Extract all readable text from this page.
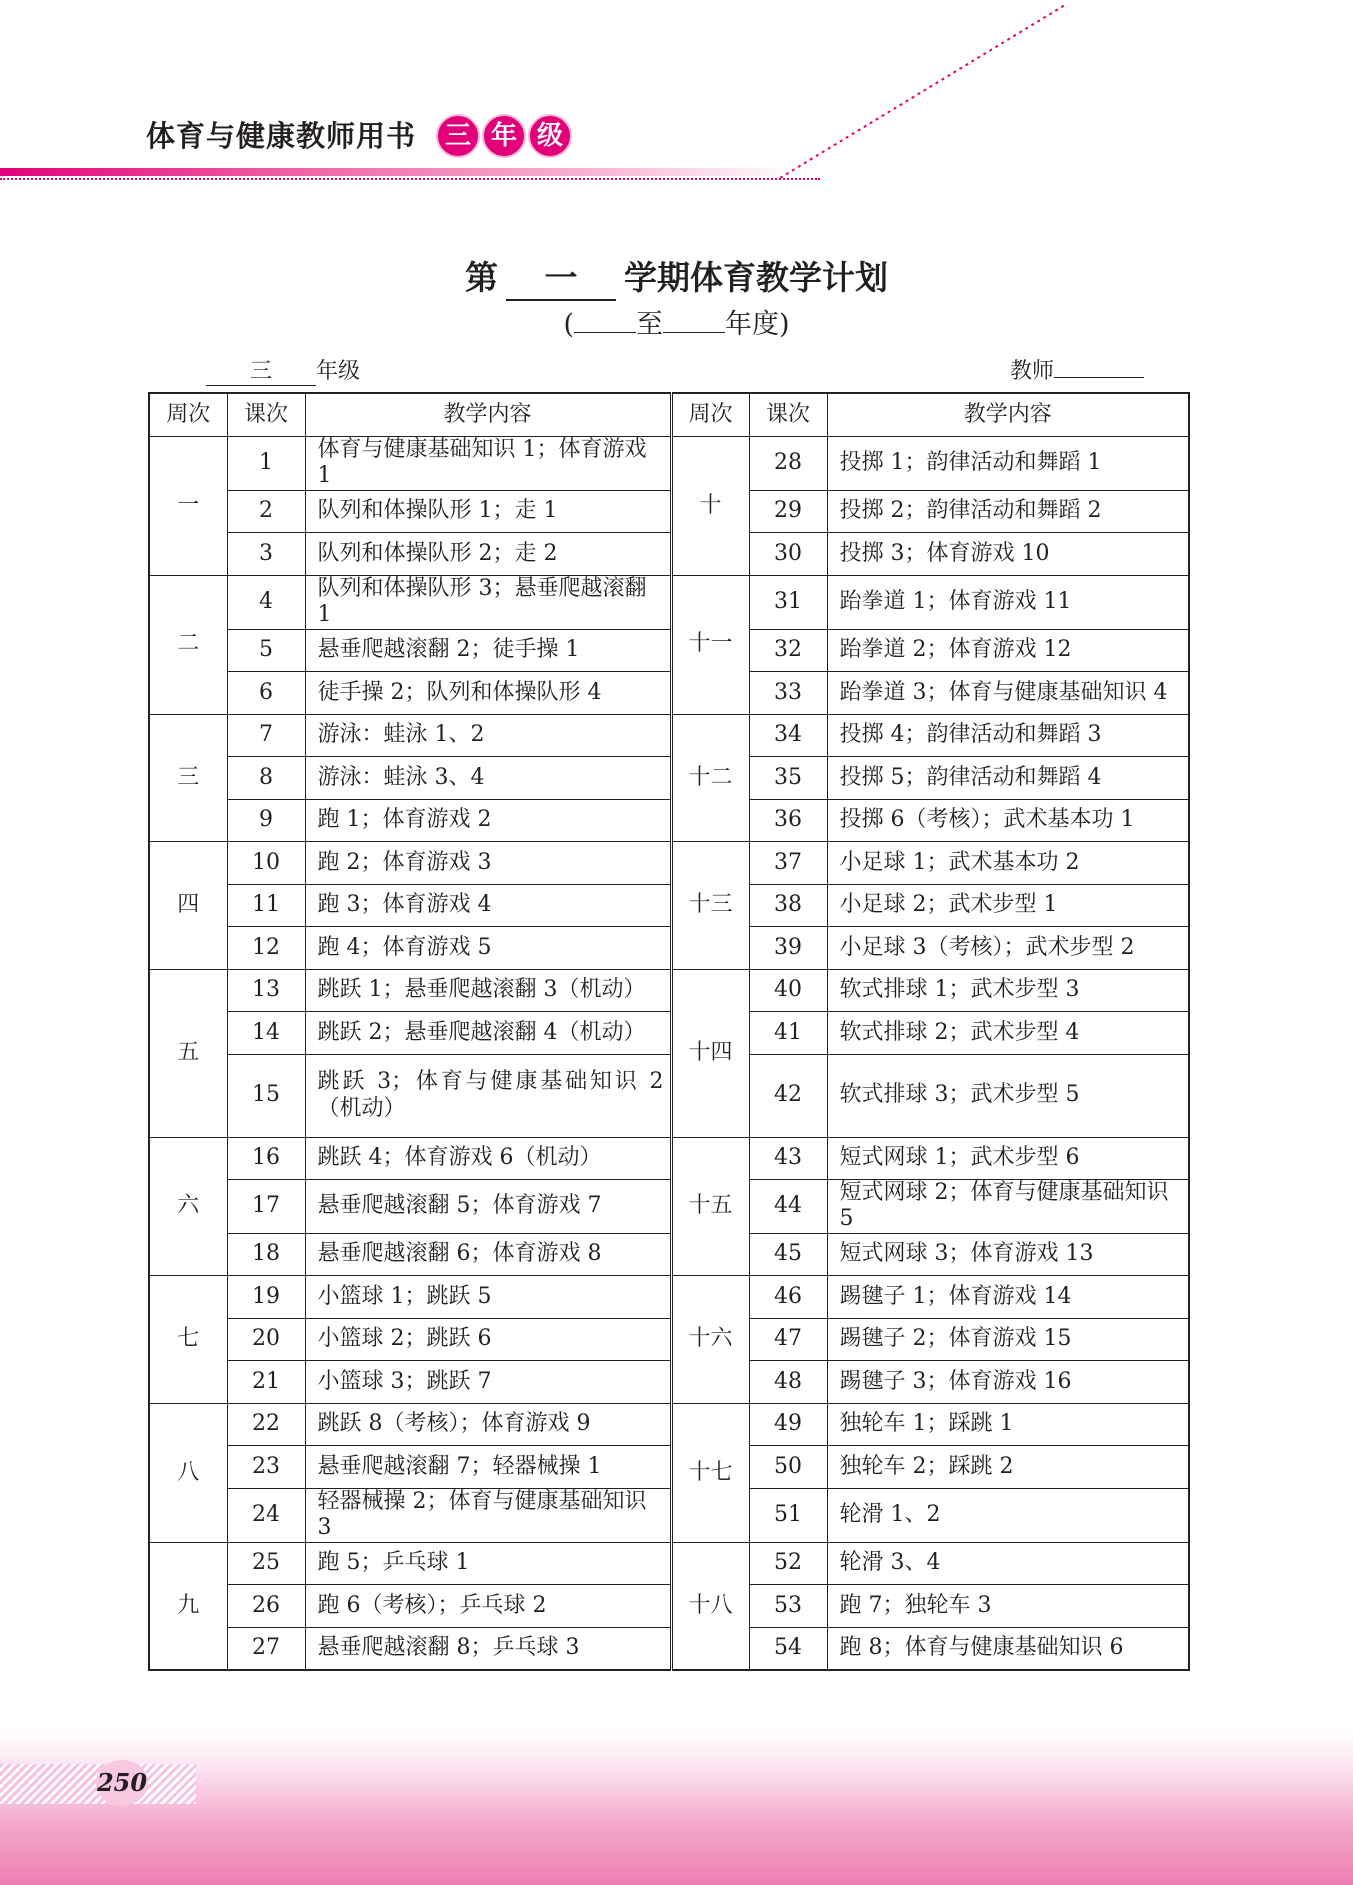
体育与健康教师用书	三 年 级
第 一 学期体育教学计划
( 至 年度)
三 年级	教师
周次	课次	教学内容	周次	课次	教学内容
一	1	体育与健康基础知识 1；体育游戏 1	十	28	投掷 1；韵律活动和舞蹈 1
	2	队列和体操队形 1；走 1		29	投掷 2；韵律活动和舞蹈 2
	3	队列和体操队形 2；走 2		30	投掷 3；体育游戏 10
二	4	队列和体操队形 3；悬垂爬越滚翻 1	十一	31	跆拳道 1；体育游戏 11
	5	悬垂爬越滚翻 2；徒手操 1		32	跆拳道 2；体育游戏 12
	6	徒手操 2；队列和体操队形 4		33	跆拳道 3；体育与健康基础知识 4
三	7	游泳：蛙泳 1、2	十二	34	投掷 4；韵律活动和舞蹈 3
	8	游泳：蛙泳 3、4		35	投掷 5；韵律活动和舞蹈 4
	9	跑 1；体育游戏 2		36	投掷 6（考核）；武术基本功 1
四	10	跑 2；体育游戏 3	十三	37	小足球 1；武术基本功 2
	11	跑 3；体育游戏 4		38	小足球 2；武术步型 1
	12	跑 4；体育游戏 5		39	小足球 3（考核）；武术步型 2
五	13	跳跃 1；悬垂爬越滚翻 3（机动）	十四	40	软式排球 1；武术步型 3
	14	跳跃 2；悬垂爬越滚翻 4（机动）		41	软式排球 2；武术步型 4
	15	跳跃 3；体育与健康基础知识 2（机动）		42	软式排球 3；武术步型 5
六	16	跳跃 4；体育游戏 6（机动）	十五	43	短式网球 1；武术步型 6
	17	悬垂爬越滚翻 5；体育游戏 7		44	短式网球 2；体育与健康基础知识 5
	18	悬垂爬越滚翻 6；体育游戏 8		45	短式网球 3；体育游戏 13
七	19	小篮球 1；跳跃 5	十六	46	踢毽子 1；体育游戏 14
	20	小篮球 2；跳跃 6		47	踢毽子 2；体育游戏 15
	21	小篮球 3；跳跃 7		48	踢毽子 3；体育游戏 16
八	22	跳跃 8（考核）；体育游戏 9	十七	49	独轮车 1；踩跳 1
	23	悬垂爬越滚翻 7；轻器械操 1		50	独轮车 2；踩跳 2
	24	轻器械操 2；体育与健康基础知识 3		51	轮滑 1、2
九	25	跑 5；乒乓球 1	十八	52	轮滑 3、4
	26	跑 6（考核）；乒乓球 2		53	跑 7；独轮车 3
	27	悬垂爬越滚翻 8；乒乓球 3		54	跑 8；体育与健康基础知识 6
250
